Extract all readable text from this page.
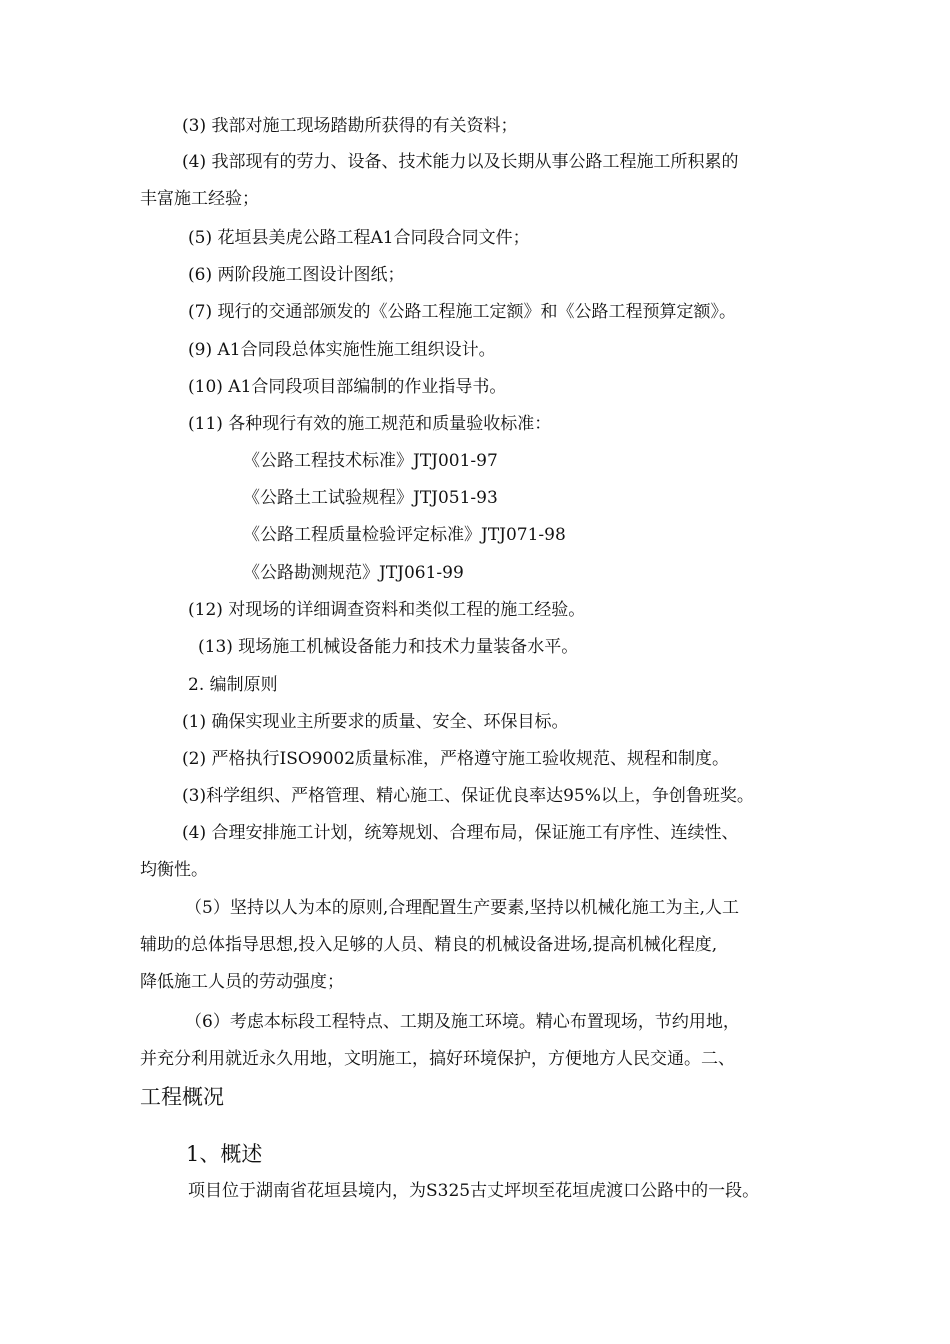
(3) 我部对施工现场踏勘所获得的有关资料；
(4) 我部现有的劳力、设备、技术能力以及长期从事公路工程施工所积累的
丰富施工经验；
(5) 花垣县美虎公路工程A1合同段合同文件；
(6) 两阶段施工图设计图纸；
(7) 现行的交通部颁发的《公路工程施工定额》和《公路工程预算定额》。
(9) A1合同段总体实施性施工组织设计。
(10) A1合同段项目部编制的作业指导书。
(11) 各种现行有效的施工规范和质量验收标准：
《公路工程技术标准》JTJ001-97
《公路土工试验规程》JTJ051-93
《公路工程质量检验评定标准》JTJ071-98
《公路勘测规范》JTJ061-99
(12) 对现场的详细调查资料和类似工程的施工经验。
(13) 现场施工机械设备能力和技术力量装备水平。
2. 编制原则
(1) 确保实现业主所要求的质量、安全、环保目标。
(2) 严格执行ISO9002质量标准，严格遵守施工验收规范、规程和制度。
(3)科学组织、严格管理、精心施工、保证优良率达95%以上，争创鲁班奖。
(4) 合理安排施工计划，统筹规划、合理布局，保证施工有序性、连续性、
均衡性。
（5）坚持以人为本的原则,合理配置生产要素,坚持以机械化施工为主,人工
辅助的总体指导思想,投入足够的人员、精良的机械设备进场,提高机械化程度,
降低施工人员的劳动强度；
（6）考虑本标段工程特点、工期及施工环境。精心布置现场，节约用地，
并充分利用就近永久用地，文明施工，搞好环境保护，方便地方人民交通。二、
工程概况
1、概述
项目位于湖南省花垣县境内，为S325古丈坪坝至花垣虎渡口公路中的一段。
